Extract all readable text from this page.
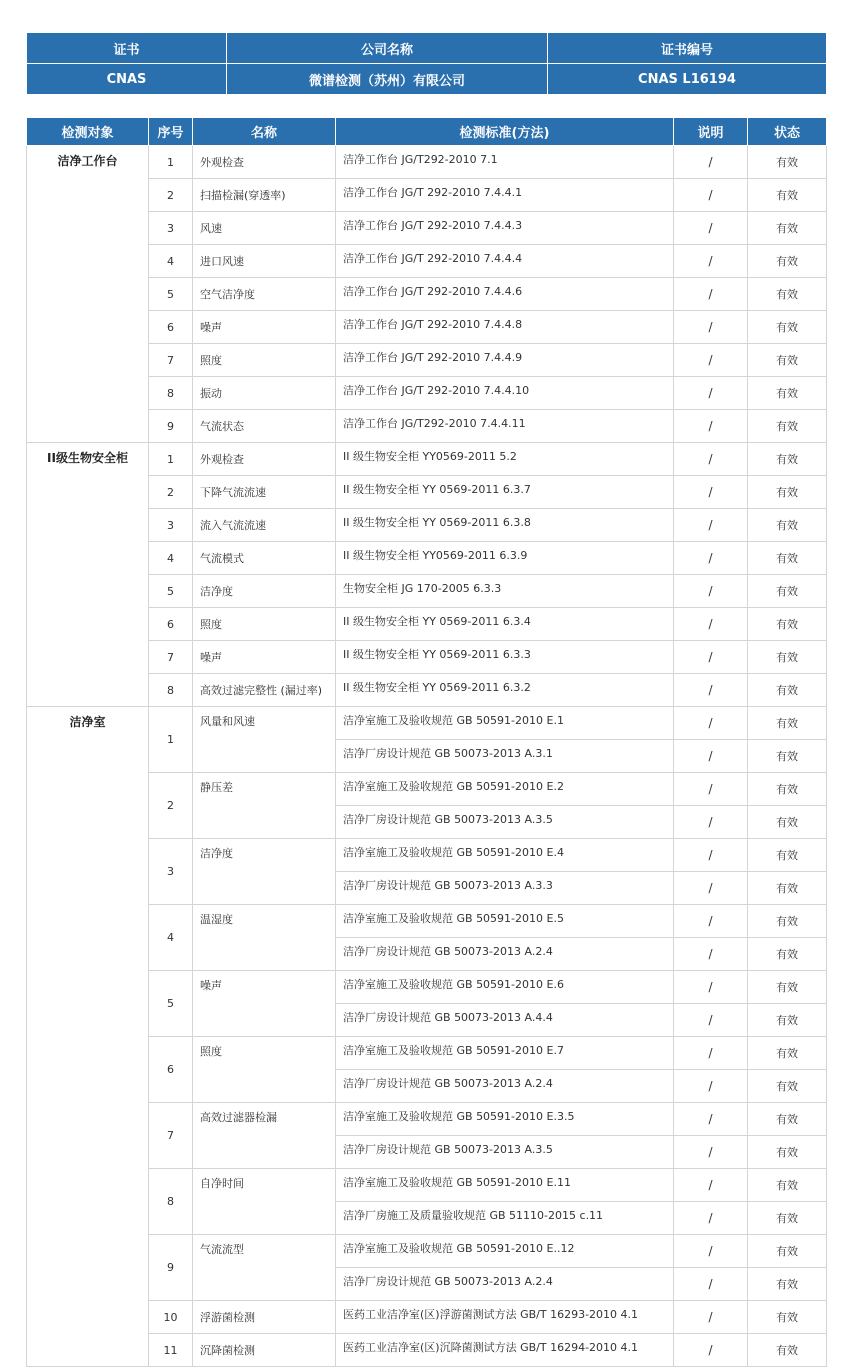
证书	公司名称	证书编号
CNAS	微谱检测（苏州）有限公司	CNAS L16194
检测对象	序号	名称	检测标准(方法)	说明	状态
洁净工作台	1	外观检查	洁净工作台 JG/T292-2010 7.1	/	有效
	2	扫描检漏(穿透率)	洁净工作台 JG/T 292-2010 7.4.4.1	/	有效
	3	风速	洁净工作台 JG/T 292-2010 7.4.4.3	/	有效
	4	进口风速	洁净工作台 JG/T 292-2010 7.4.4.4	/	有效
	5	空气洁净度	洁净工作台 JG/T 292-2010 7.4.4.6	/	有效
	6	噪声	洁净工作台 JG/T 292-2010 7.4.4.8	/	有效
	7	照度	洁净工作台 JG/T 292-2010 7.4.4.9	/	有效
	8	振动	洁净工作台 JG/T 292-2010 7.4.4.10	/	有效
	9	气流状态	洁净工作台 JG/T292-2010 7.4.4.11	/	有效
II级生物安全柜	1	外观检查	II 级生物安全柜 YY0569-2011 5.2	/	有效
	2	下降气流流速	II 级生物安全柜 YY 0569-2011 6.3.7	/	有效
	3	流入气流流速	II 级生物安全柜 YY 0569-2011 6.3.8	/	有效
	4	气流模式	II 级生物安全柜 YY0569-2011 6.3.9	/	有效
	5	洁净度	生物安全柜 JG 170-2005 6.3.3	/	有效
	6	照度	II 级生物安全柜 YY 0569-2011 6.3.4	/	有效
	7	噪声	II 级生物安全柜 YY 0569-2011 6.3.3	/	有效
	8	高效过滤完整性 (漏过率)	II 级生物安全柜 YY 0569-2011 6.3.2	/	有效
洁净室	1	风量和风速	洁净室施工及验收规范 GB 50591-2010 E.1	/	有效
			洁净厂房设计规范 GB 50073-2013 A.3.1	/	有效
	2	静压差	洁净室施工及验收规范 GB 50591-2010 E.2	/	有效
			洁净厂房设计规范 GB 50073-2013 A.3.5	/	有效
	3	洁净度	洁净室施工及验收规范 GB 50591-2010 E.4	/	有效
			洁净厂房设计规范 GB 50073-2013 A.3.3	/	有效
	4	温湿度	洁净室施工及验收规范 GB 50591-2010 E.5	/	有效
			洁净厂房设计规范 GB 50073-2013 A.2.4	/	有效
	5	噪声	洁净室施工及验收规范 GB 50591-2010 E.6	/	有效
			洁净厂房设计规范 GB 50073-2013 A.4.4	/	有效
	6	照度	洁净室施工及验收规范 GB 50591-2010 E.7	/	有效
			洁净厂房设计规范 GB 50073-2013 A.2.4	/	有效
	7	高效过滤器检漏	洁净室施工及验收规范 GB 50591-2010 E.3.5	/	有效
			洁净厂房设计规范 GB 50073-2013 A.3.5	/	有效
	8	自净时间	洁净室施工及验收规范 GB 50591-2010 E.11	/	有效
			洁净厂房施工及质量验收规范 GB 51110-2015 c.11	/	有效
	9	气流流型	洁净室施工及验收规范 GB 50591-2010 E..12	/	有效
			洁净厂房设计规范 GB 50073-2013 A.2.4	/	有效
	10	浮游菌检测	医药工业洁净室(区)浮游菌测试方法 GB/T 16293-2010 4.1	/	有效
	11	沉降菌检测	医药工业洁净室(区)沉降菌测试方法 GB/T 16294-2010 4.1	/	有效
